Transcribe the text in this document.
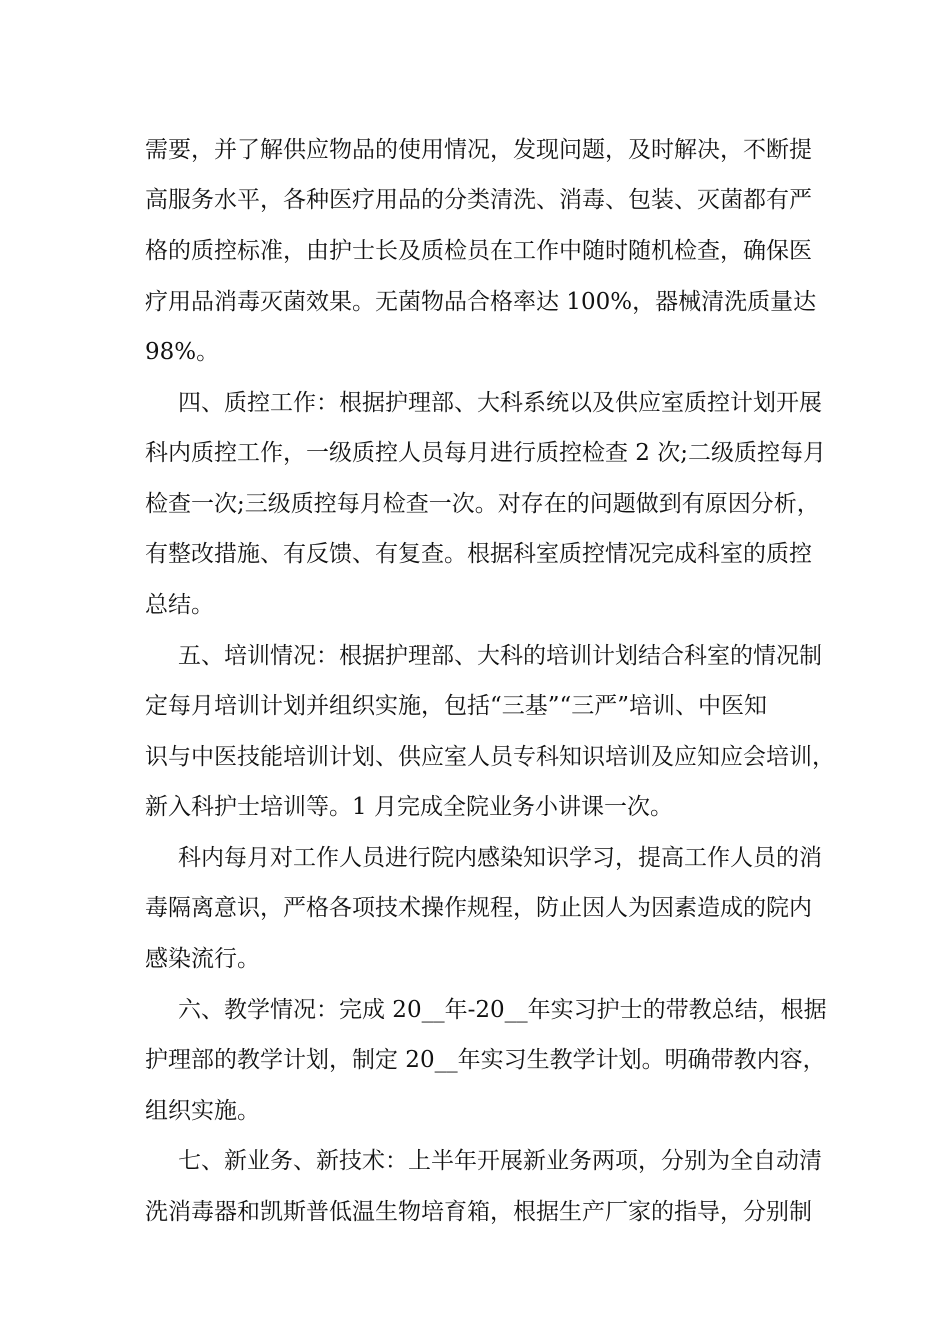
需要，并了解供应物品的使用情况，发现问题，及时解决，不断提
高服务水平，各种医疗用品的分类清洗、消毒、包装、灭菌都有严
格的质控标准，由护士长及质检员在工作中随时随机检查，确保医
疗用品消毒灭菌效果。无菌物品合格率达 100%，器械清洗质量达
98%。
四、质控工作：根据护理部、大科系统以及供应室质控计划开展
科内质控工作，一级质控人员每月进行质控检查 2 次;二级质控每月
检查一次;三级质控每月检查一次。对存在的问题做到有原因分析，
有整改措施、有反馈、有复查。根据科室质控情况完成科室的质控
总结。
五、培训情况：根据护理部、大科的培训计划结合科室的情况制
定每月培训计划并组织实施，包括“三基”“三严”培训、中医知
识与中医技能培训计划、供应室人员专科知识培训及应知应会培训，
新入科护士培训等。1 月完成全院业务小讲课一次。
科内每月对工作人员进行院内感染知识学习，提高工作人员的消
毒隔离意识，严格各项技术操作规程，防止因人为因素造成的院内
感染流行。
六、教学情况：完成 20__年-20__年实习护士的带教总结，根据
护理部的教学计划，制定 20__年实习生教学计划。明确带教内容，
组织实施。
七、新业务、新技术：上半年开展新业务两项，分别为全自动清
洗消毒器和凯斯普低温生物培育箱，根据生产厂家的指导，分别制
